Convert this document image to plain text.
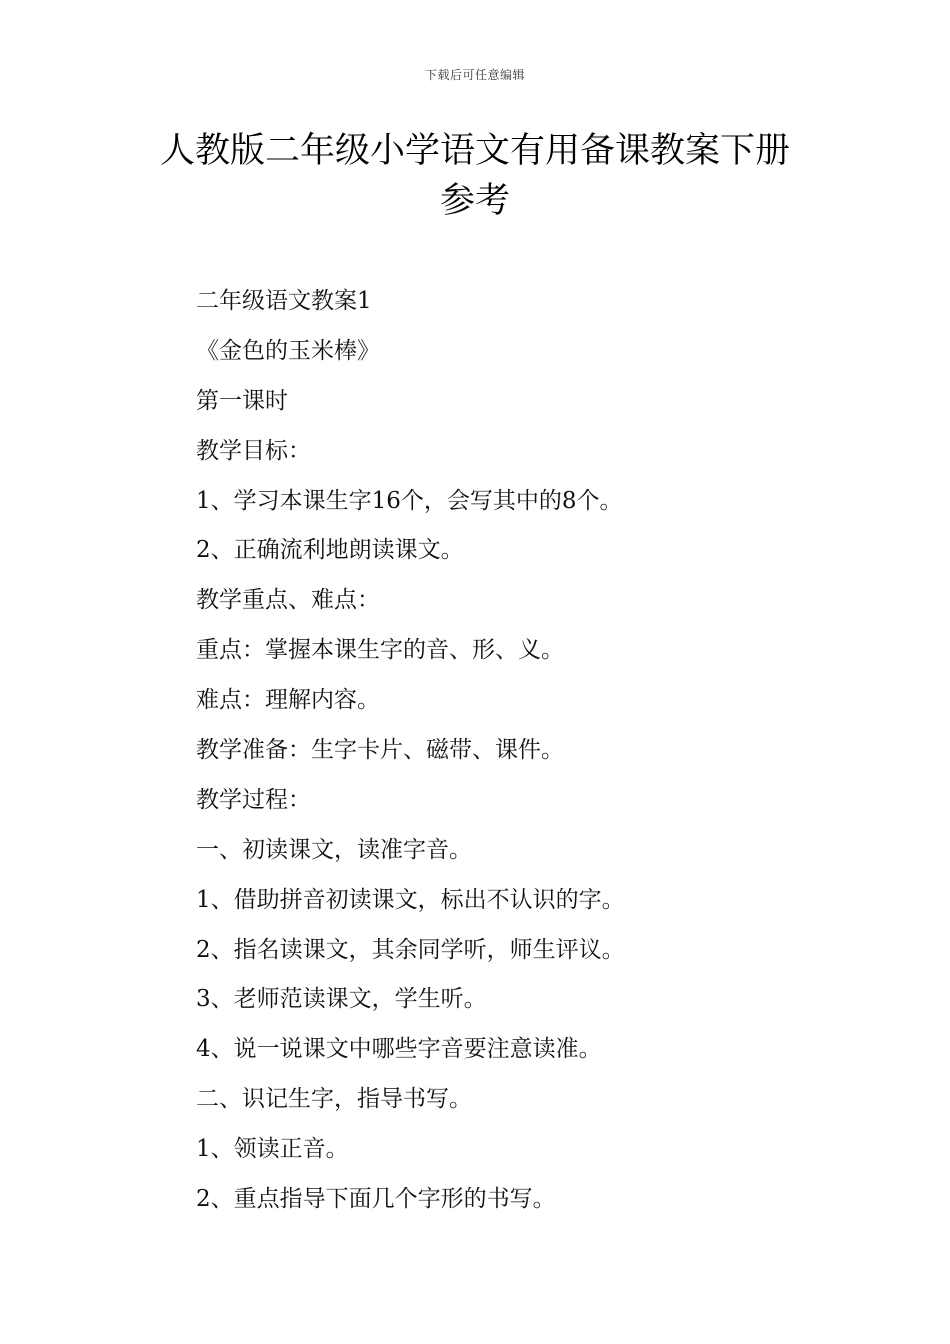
下载后可任意编辑
人教版二年级小学语文有用备课教案下册参考
二年级语文教案1
《金色的玉米棒》
第一课时
教学目标：
1、学习本课生字16个，会写其中的8个。
2、正确流利地朗读课文。
教学重点、难点：
重点：掌握本课生字的音、形、义。
难点：理解内容。
教学准备：生字卡片、磁带、课件。
教学过程：
一、初读课文，读准字音。
1、借助拼音初读课文，标出不认识的字。
2、指名读课文，其余同学听，师生评议。
3、老师范读课文，学生听。
4、说一说课文中哪些字音要注意读准。
二、识记生字，指导书写。
1、领读正音。
2、重点指导下面几个字形的书写。
